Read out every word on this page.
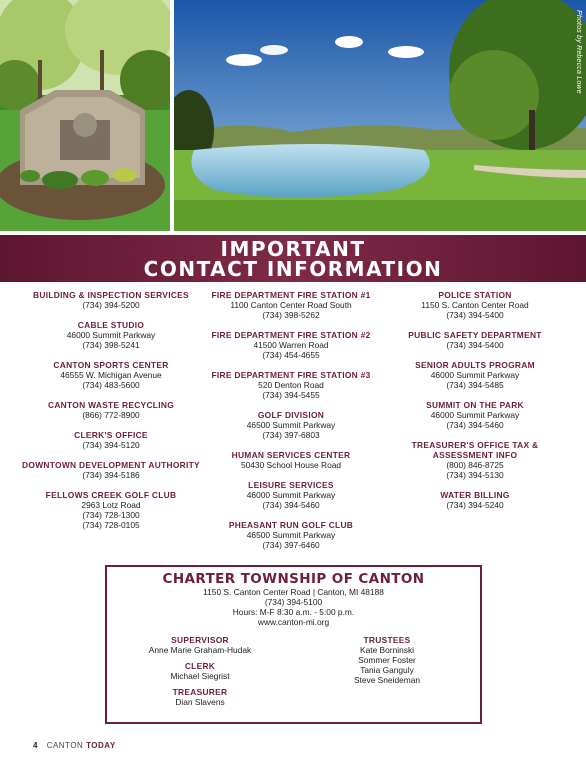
Photos by Rebecca Lowe
IMPORTANT
CONTACT INFORMATION
BUILDING & INSPECTION SERVICES
(734) 394-5200
CABLE STUDIO
46000 Summit Parkway
(734) 398-5241
CANTON SPORTS CENTER
46555 W. Michigan Avenue
(734) 483-5600
CANTON WASTE RECYCLING
(866) 772-8900
CLERK'S OFFICE
(734) 394-5120
DOWNTOWN DEVELOPMENT AUTHORITY
(734) 394-5186
FELLOWS CREEK GOLF CLUB
2963 Lotz Road
(734) 728-1300
(734) 728-0105
FIRE DEPARTMENT FIRE STATION #1
1100 Canton Center Road South
(734) 398-5262
FIRE DEPARTMENT FIRE STATION #2
41500 Warren Road
(734) 454-4655
FIRE DEPARTMENT FIRE STATION #3
520 Denton Road
(734) 394-5455
GOLF DIVISION
46500 Summit Parkway
(734) 397-6803
HUMAN SERVICES CENTER
50430 School House Road
LEISURE SERVICES
46000 Summit Parkway
(734) 394-5460
PHEASANT RUN GOLF CLUB
46500 Summit Parkway
(734) 397-6460
POLICE STATION
1150 S. Canton Center Road
(734) 394-5400
PUBLIC SAFETY DEPARTMENT
(734) 394-5400
SENIOR ADULTS PROGRAM
46000 Summit Parkway
(734) 394-5485
SUMMIT ON THE PARK
46000 Summit Parkway
(734) 394-5460
TREASURER'S OFFICE TAX & ASSESSMENT INFO
(800) 846-8725
(734) 394-5130
WATER BILLING
(734) 394-5240
CHARTER TOWNSHIP OF CANTON
1150 S. Canton Center Road | Canton, MI 48188
(734) 394-5100
Hours: M-F 8:30 a.m. - 5:00 p.m.
www.canton-mi.org
SUPERVISOR
Anne Marie Graham-Hudak
CLERK
Michael Siegrist
TREASURER
Dian Slavens
TRUSTEES
Kate Borninski
Sommer Foster
Tania Ganguly
Steve Sneideman
4 CANTON TODAY
